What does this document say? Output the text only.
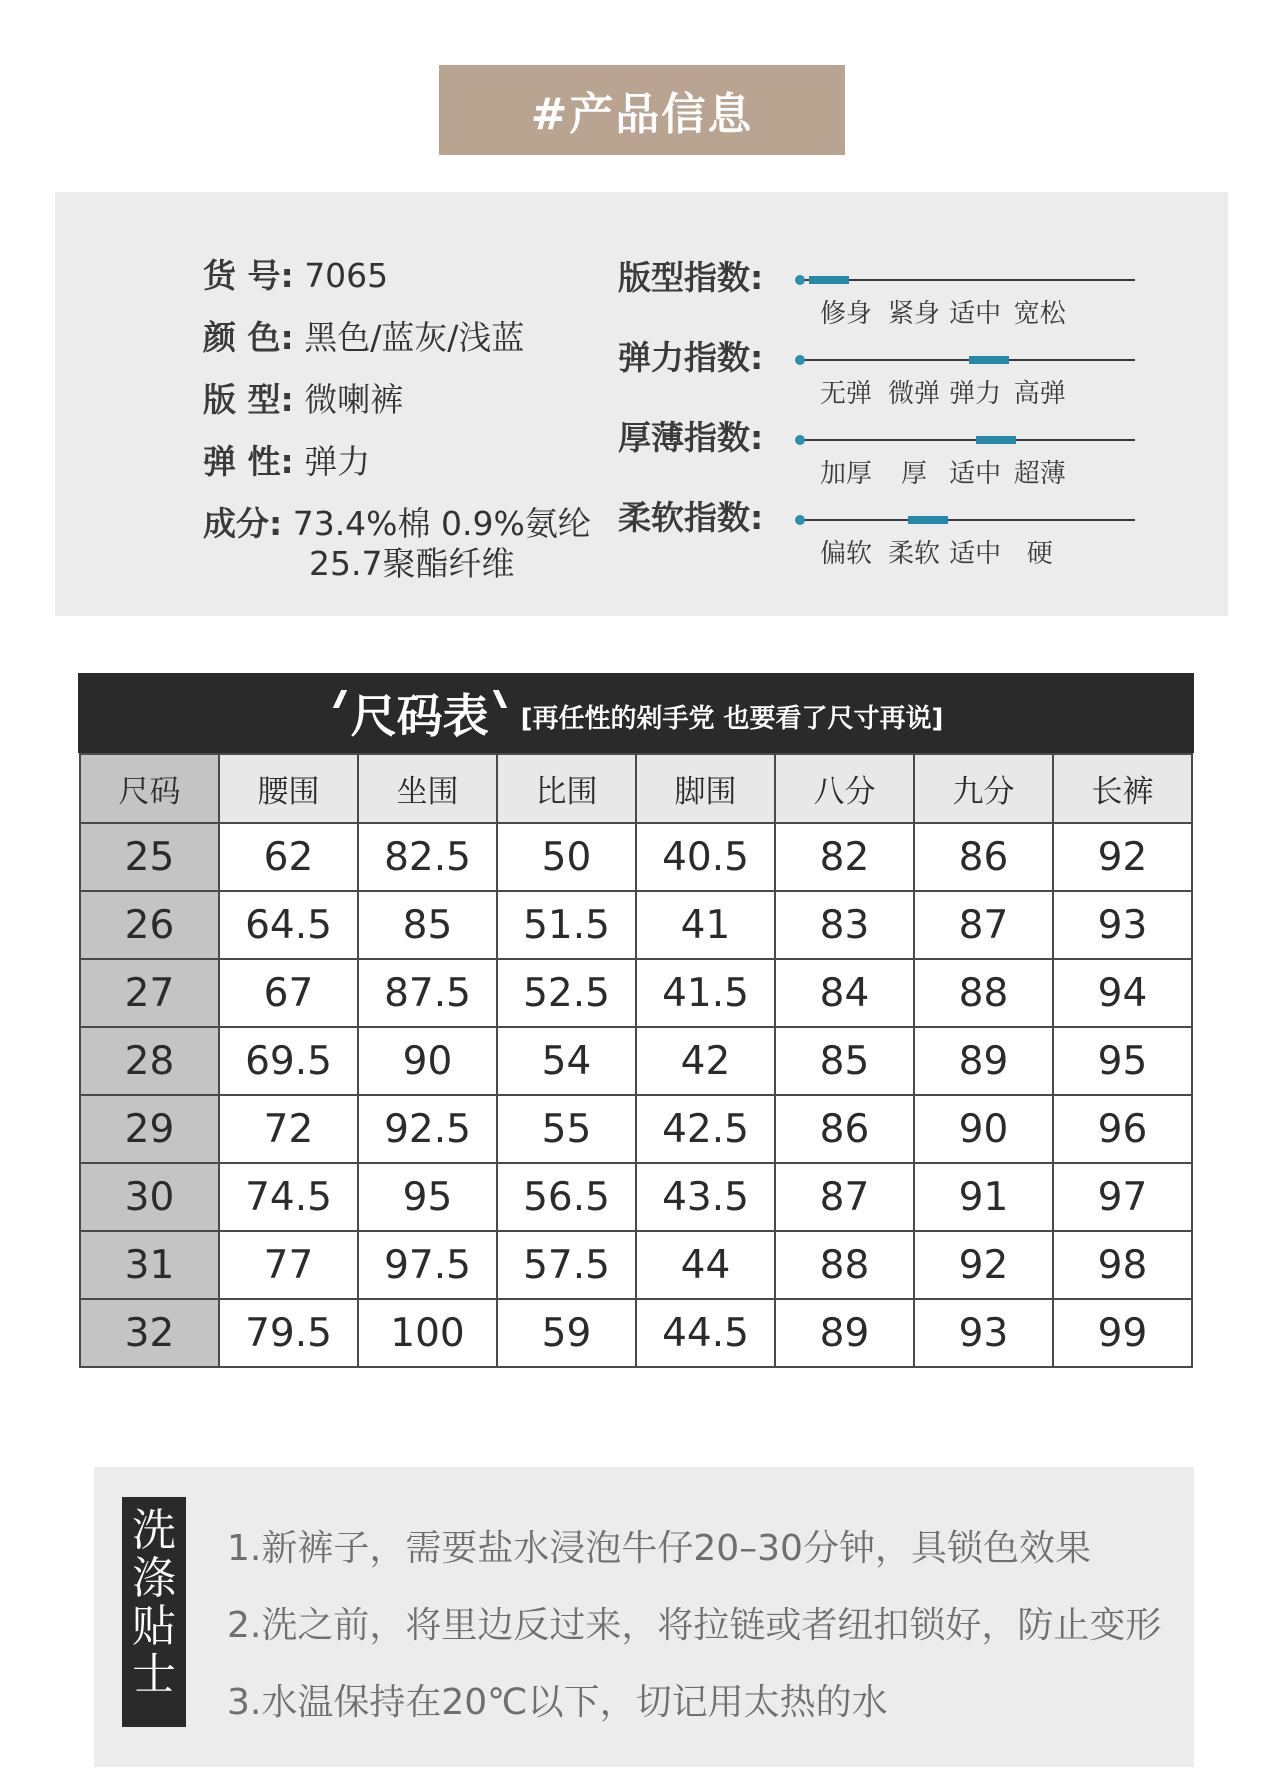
#产品信息
货 号: 7065
颜 色: 黑色/蓝灰/浅蓝
版 型: 微喇裤
弹 性: 弹力
成分: 73.4%棉 0.9%氨纶
25.7聚酯纤维
版型指数:
修身 紧身 适中 宽松
弹力指数:
无弹 微弹 弹力 高弹
厚薄指数:
加厚 厚 适中 超薄
柔软指数:
偏软 柔软 适中 硬
尺码表 [再任性的剁手党 也要看了尺寸再说]
尺码	腰围	坐围	比围	脚围	八分	九分	长裤
25	62	82.5	50	40.5	82	86	92
26	64.5	85	51.5	41	83	87	93
27	67	87.5	52.5	41.5	84	88	94
28	69.5	90	54	42	85	89	95
29	72	92.5	55	42.5	86	90	96
30	74.5	95	56.5	43.5	87	91	97
31	77	97.5	57.5	44	88	92	98
32	79.5	100	59	44.5	89	93	99
洗
涤
贴
士
1.新裤子，需要盐水浸泡牛仔20–30分钟，具锁色效果
2.洗之前，将里边反过来，将拉链或者纽扣锁好，防止变形
3.水温保持在20℃以下，切记用太热的水
